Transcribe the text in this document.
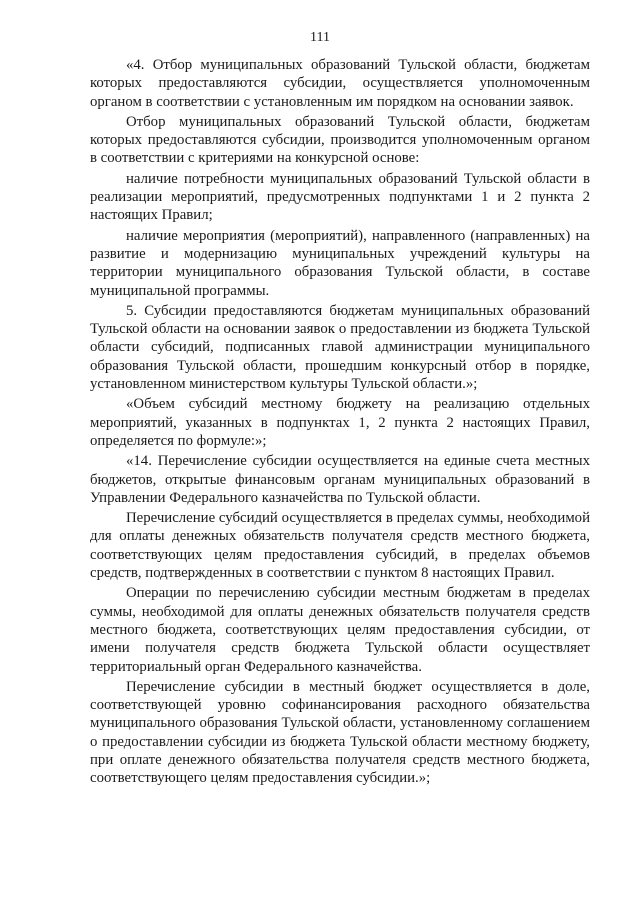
111

«4. Отбор муниципальных образований Тульской области, бюджетам которых предоставляются субсидии, осуществляется уполномоченным органом в соответствии с установленным им порядком на основании заявок.

Отбор муниципальных образований Тульской области, бюджетам которых предоставляются субсидии, производится уполномоченным органом в соответствии с критериями на конкурсной основе:

наличие потребности муниципальных образований Тульской области в реализации мероприятий, предусмотренных подпунктами 1 и 2 пункта 2 настоящих Правил;

наличие мероприятия (мероприятий), направленного (направленных) на развитие и модернизацию муниципальных учреждений культуры на территории муниципального образования Тульской области, в составе муниципальной программы.

5. Субсидии предоставляются бюджетам муниципальных образований Тульской области на основании заявок о предоставлении из бюджета Тульской области субсидий, подписанных главой администрации муниципального образования Тульской области, прошедшим конкурсный отбор в порядке, установленном министерством культуры Тульской области.»;

«Объем субсидий местному бюджету на реализацию отдельных мероприятий, указанных в подпунктах 1, 2 пункта 2 настоящих Правил, определяется по формуле:»;

«14. Перечисление субсидии осуществляется на единые счета местных бюджетов, открытые финансовым органам муниципальных образований в Управлении Федерального казначейства по Тульской области.

Перечисление субсидий осуществляется в пределах суммы, необходимой для оплаты денежных обязательств получателя средств местного бюджета, соответствующих целям предоставления субсидий, в пределах объемов средств, подтвержденных в соответствии с пунктом 8 настоящих Правил.

Операции по перечислению субсидии местным бюджетам в пределах суммы, необходимой для оплаты денежных обязательств получателя средств местного бюджета, соответствующих целям предоставления субсидии, от имени получателя средств бюджета Тульской области осуществляет территориальный орган Федерального казначейства.

Перечисление субсидии в местный бюджет осуществляется в доле, соответствующей уровню софинансирования расходного обязательства муниципального образования Тульской области, установленному соглашением о предоставлении субсидии из бюджета Тульской области местному бюджету, при оплате денежного обязательства получателя средств местного бюджета, соответствующего целям предоставления субсидии.»;
